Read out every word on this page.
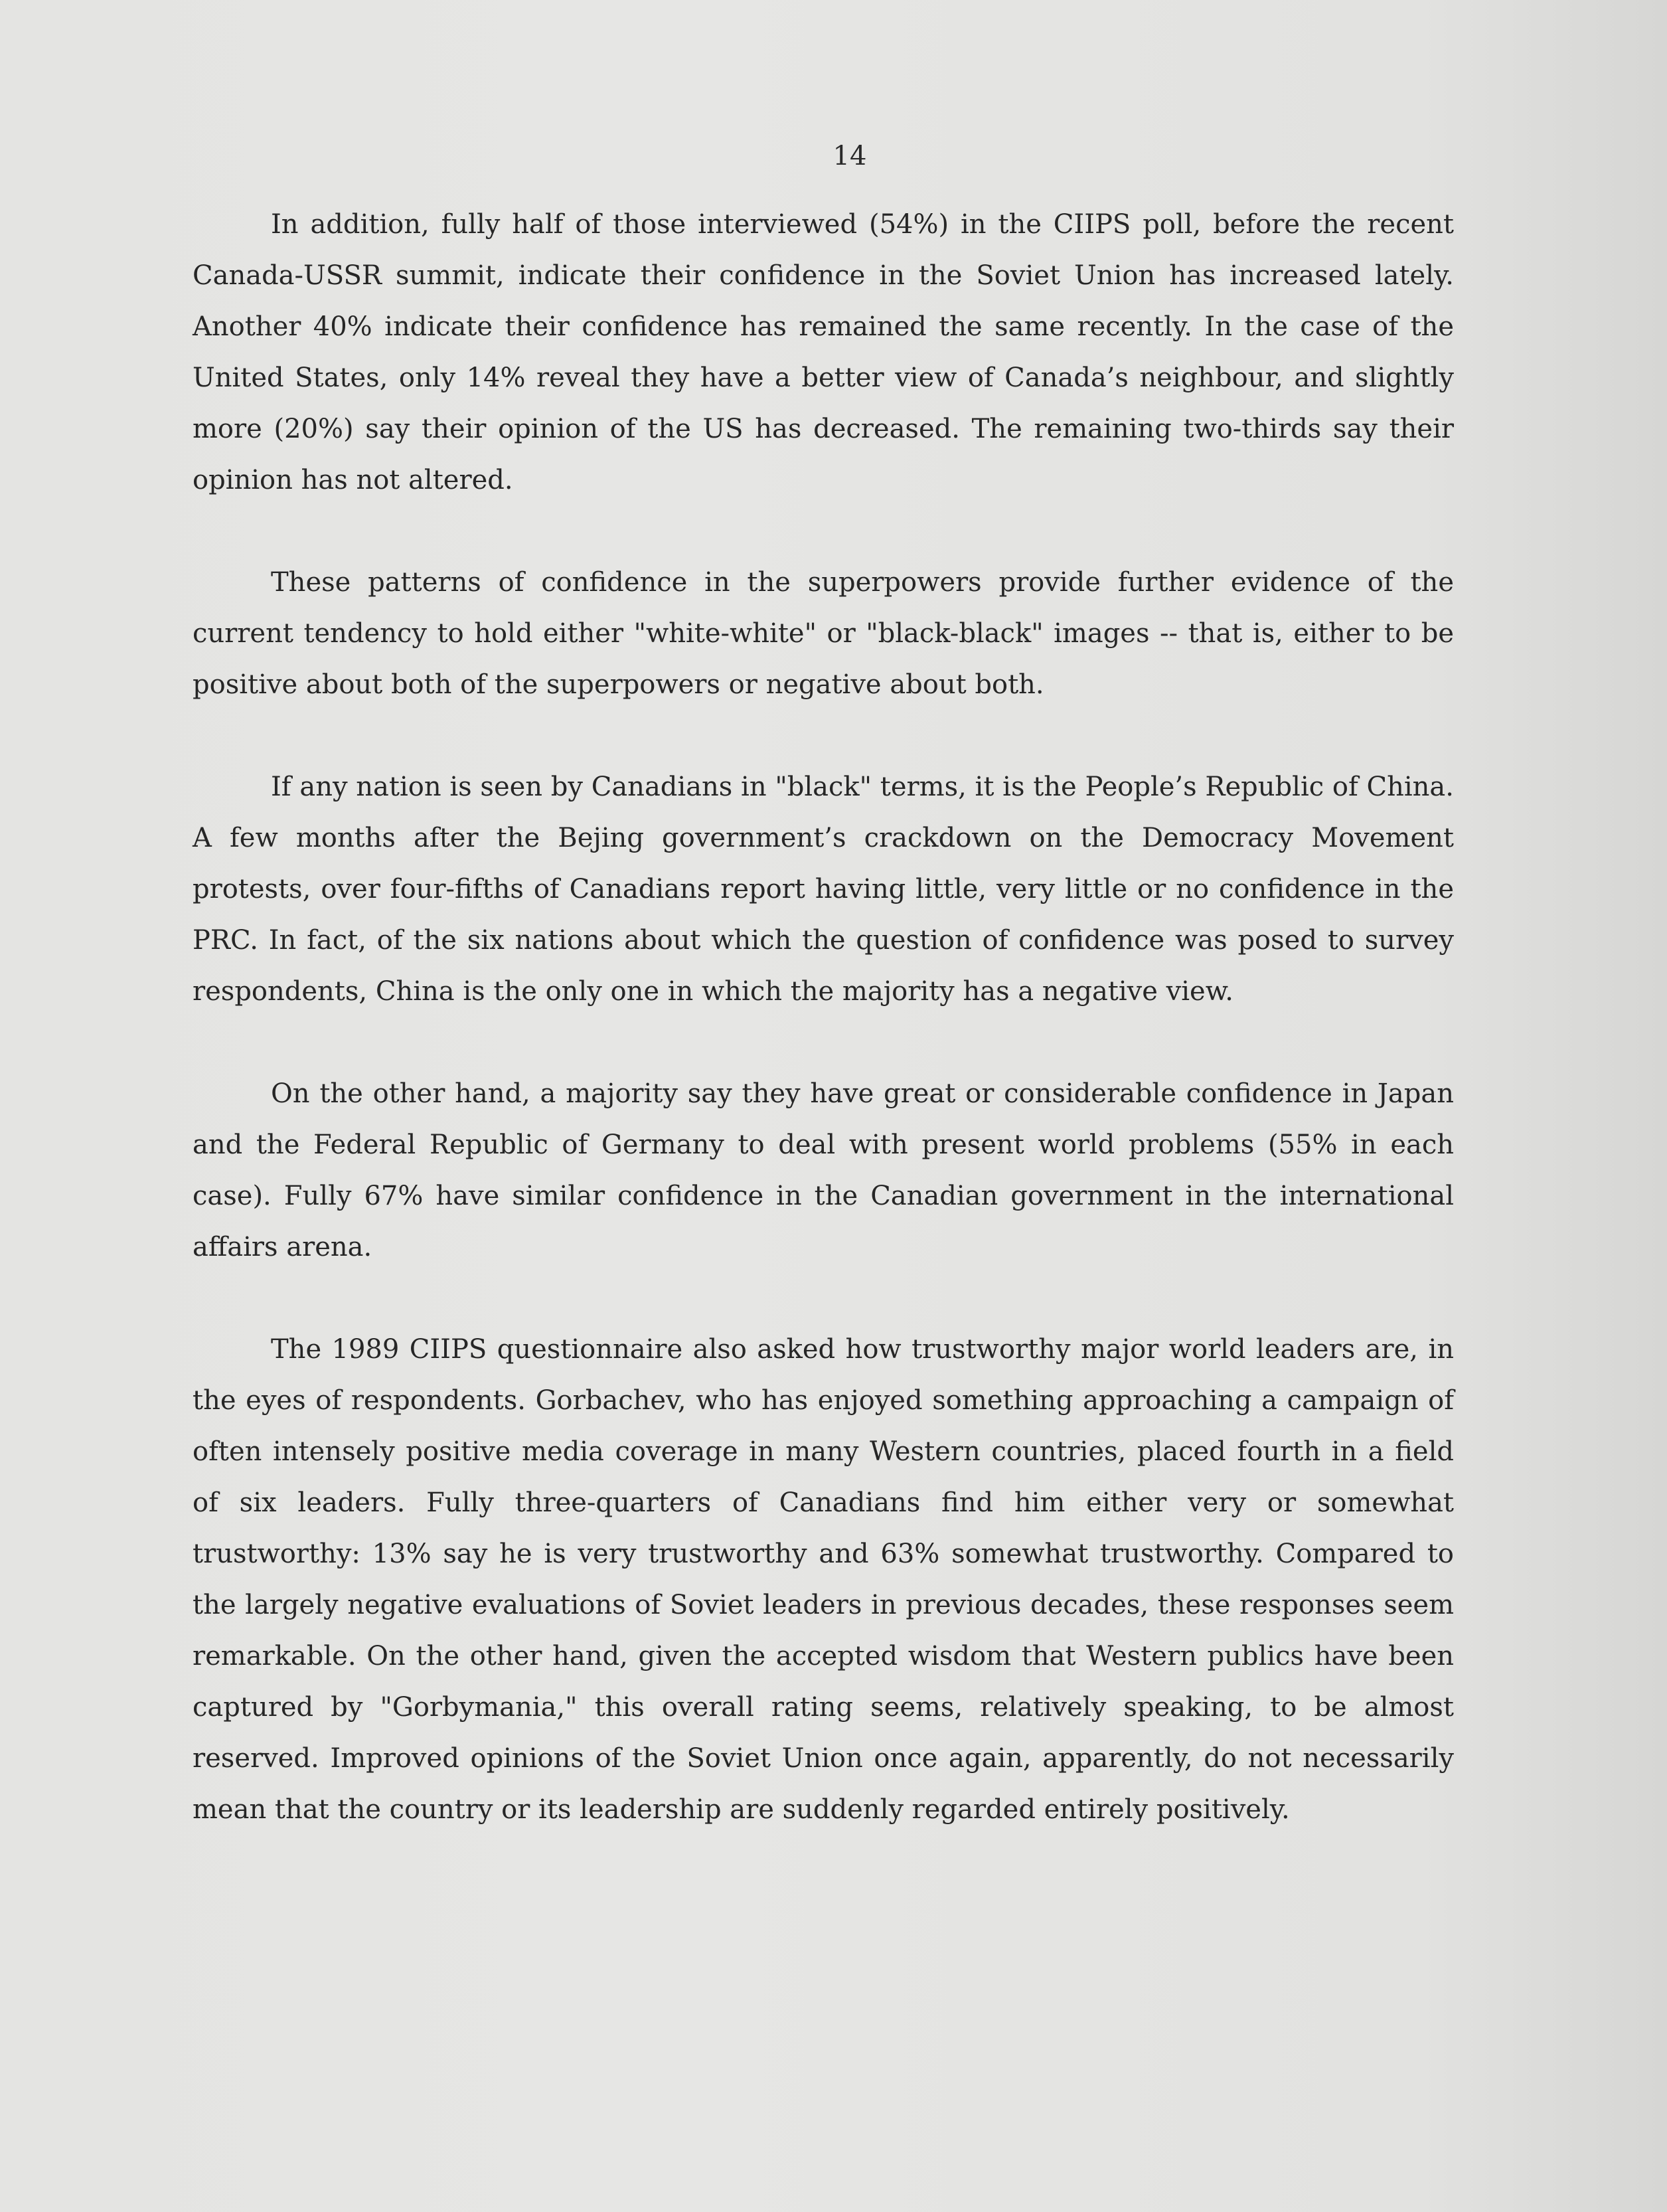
14

In addition, fully half of those interviewed (54%) in the CIIPS poll, before the recent Canada-USSR summit, indicate their confidence in the Soviet Union has increased lately. Another 40% indicate their confidence has remained the same recently. In the case of the United States, only 14% reveal they have a better view of Canada’s neighbour, and slightly more (20%) say their opinion of the US has decreased. The remaining two-thirds say their opinion has not altered.

These patterns of confidence in the superpowers provide further evidence of the current tendency to hold either "white-white" or "black-black" images -- that is, either to be positive about both of the superpowers or negative about both.

If any nation is seen by Canadians in "black" terms, it is the People’s Republic of China. A few months after the Bejing government’s crackdown on the Democracy Movement protests, over four-fifths of Canadians report having little, very little or no confidence in the PRC. In fact, of the six nations about which the question of confidence was posed to survey respondents, China is the only one in which the majority has a negative view.

On the other hand, a majority say they have great or considerable confidence in Japan and the Federal Republic of Germany to deal with present world problems (55% in each case). Fully 67% have similar confidence in the Canadian government in the international affairs arena.

The 1989 CIIPS questionnaire also asked how trustworthy major world leaders are, in the eyes of respondents. Gorbachev, who has enjoyed something approaching a campaign of often intensely positive media coverage in many Western countries, placed fourth in a field of six leaders. Fully three-quarters of Canadians find him either very or somewhat trustworthy: 13% say he is very trustworthy and 63% somewhat trustworthy. Compared to the largely negative evaluations of Soviet leaders in previous decades, these responses seem remarkable. On the other hand, given the accepted wisdom that Western publics have been captured by "Gorbymania," this overall rating seems, relatively speaking, to be almost reserved. Improved opinions of the Soviet Union once again, apparently, do not necessarily mean that the country or its leadership are suddenly regarded entirely positively.
